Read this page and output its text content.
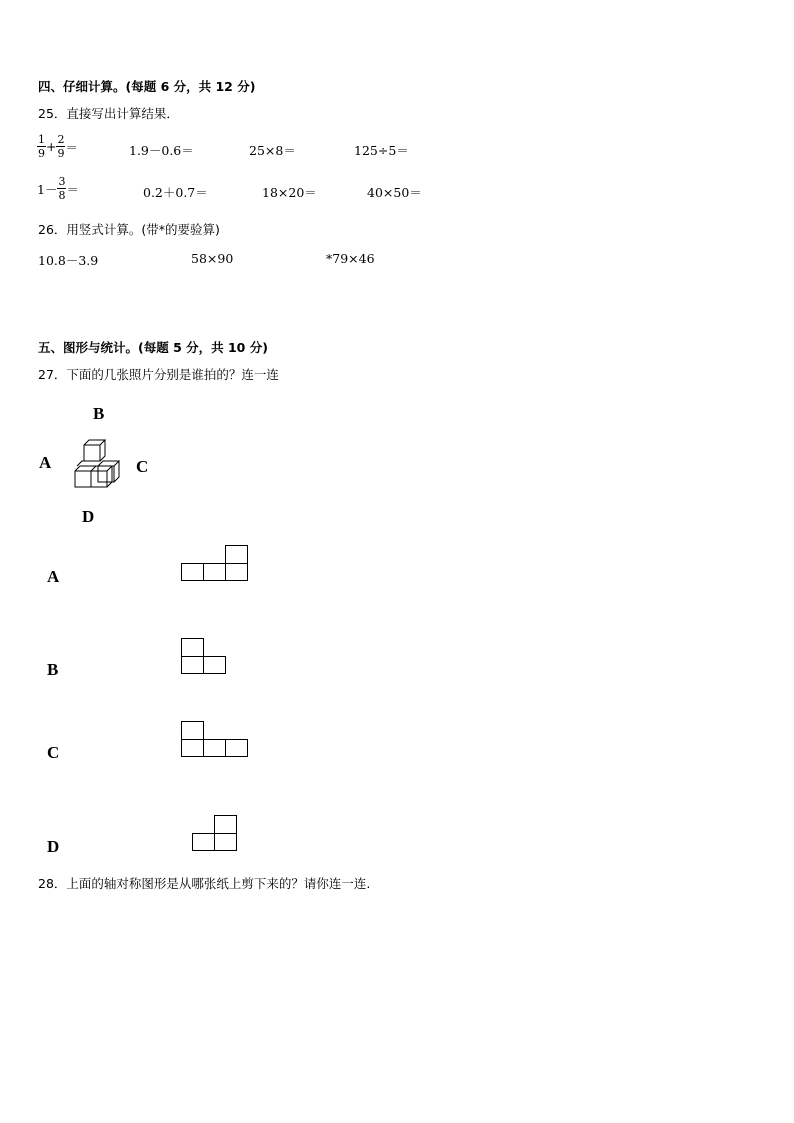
四、仔细计算。(每题 6 分，共 12 分)
25．直接写出计算结果．
$\frac{1}{9} + \frac{2}{9}$ ＝	1.9－0.6＝	25×8＝	125÷5＝
$1- \frac{3}{8}$ ＝	0.2＋0.7＝	18×20＝	40×50＝
26．用竖式计算。(带*的要验算)
10.8－3.9	58×90	*79×46
五、图形与统计。(每题 5 分，共 10 分)
27．下面的几张照片分别是谁拍的？连一连
B
A	C
D
A
B
C
D
28．上面的轴对称图形是从哪张纸上剪下来的？请你连一连.
